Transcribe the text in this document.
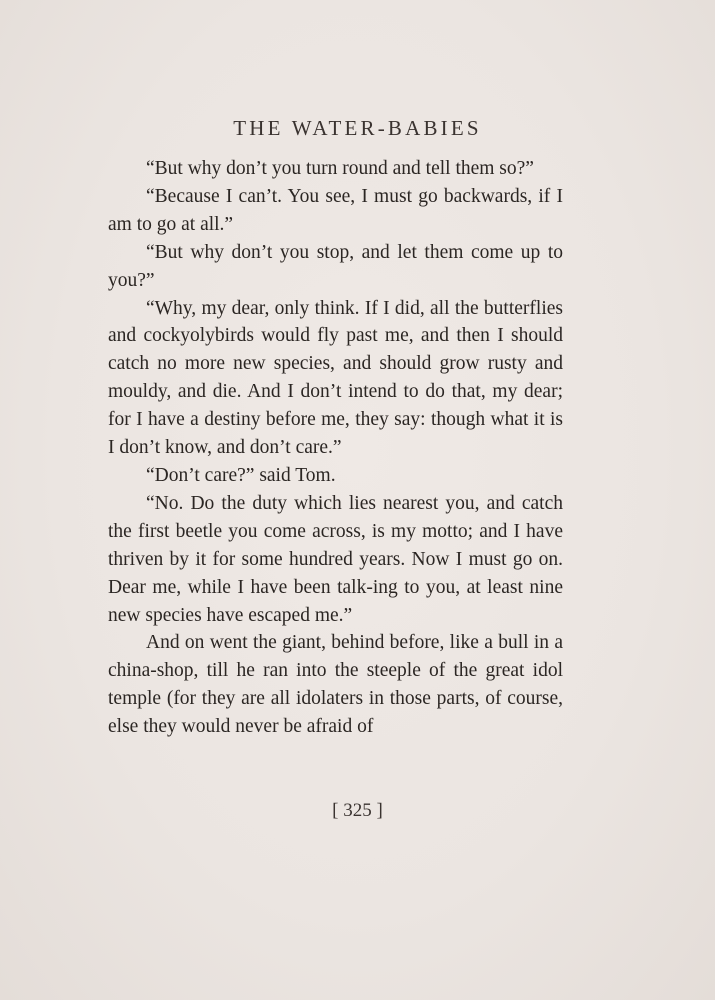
THE WATER-BABIES

“But why don’t you turn round and tell them so?”

“Because I can’t. You see, I must go backwards, if I am to go at all.”

“But why don’t you stop, and let them come up to you?”

“Why, my dear, only think. If I did, all the butterflies and cockyolybirds would fly past me, and then I should catch no more new species, and should grow rusty and mouldy, and die. And I don’t intend to do that, my dear; for I have a destiny before me, they say: though what it is I don’t know, and don’t care.”

“Don’t care?” said Tom.

“No. Do the duty which lies nearest you, and catch the first beetle you come across, is my motto; and I have thriven by it for some hundred years. Now I must go on. Dear me, while I have been talk-ing to you, at least nine new species have escaped me.”

And on went the giant, behind before, like a bull in a china-shop, till he ran into the steeple of the great idol temple (for they are all idolaters in those parts, of course, else they would never be afraid of

[ 325 ]
